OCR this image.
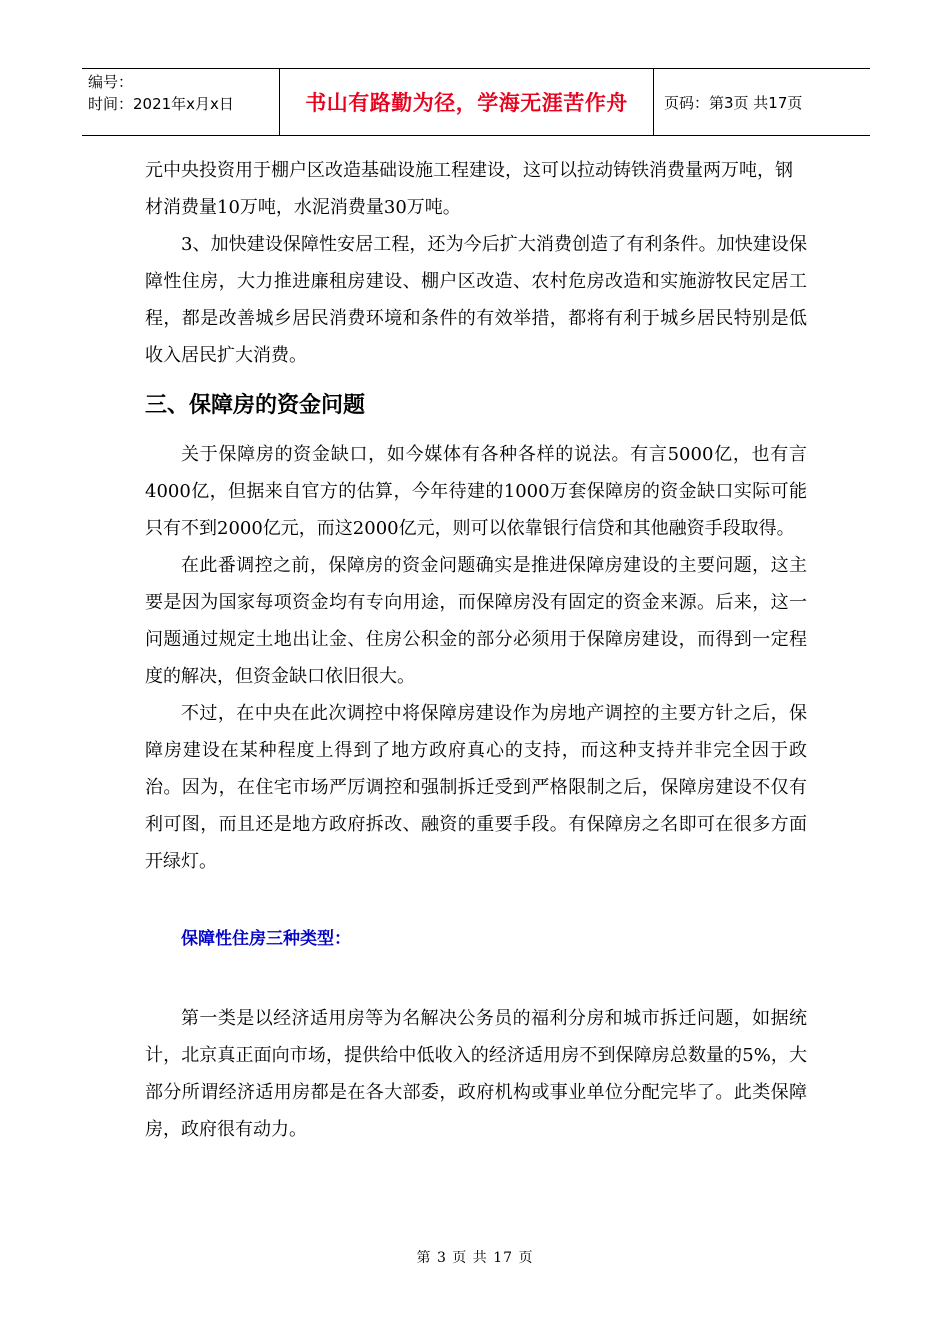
编号：
时间：2021年x月x日	书山有路勤为径，学海无涯苦作舟	页码：第3页 共17页

元中央投资用于棚户区改造基础设施工程建设，这可以拉动铸铁消费量两万吨，钢材消费量10万吨，水泥消费量30万吨。

3、加快建设保障性安居工程，还为今后扩大消费创造了有利条件。加快建设保障性住房，大力推进廉租房建设、棚户区改造、农村危房改造和实施游牧民定居工程，都是改善城乡居民消费环境和条件的有效举措，都将有利于城乡居民特别是低收入居民扩大消费。

三、保障房的资金问题

关于保障房的资金缺口，如今媒体有各种各样的说法。有言5000亿，也有言4000亿，但据来自官方的估算，今年待建的1000万套保障房的资金缺口实际可能只有不到2000亿元，而这2000亿元，则可以依靠银行信贷和其他融资手段取得。

在此番调控之前，保障房的资金问题确实是推进保障房建设的主要问题，这主要是因为国家每项资金均有专向用途，而保障房没有固定的资金来源。后来，这一问题通过规定土地出让金、住房公积金的部分必须用于保障房建设，而得到一定程度的解决，但资金缺口依旧很大。

不过，在中央在此次调控中将保障房建设作为房地产调控的主要方针之后，保障房建设在某种程度上得到了地方政府真心的支持，而这种支持并非完全因于政治。因为，在住宅市场严厉调控和强制拆迁受到严格限制之后，保障房建设不仅有利可图，而且还是地方政府拆改、融资的重要手段。有保障房之名即可在很多方面开绿灯。

保障性住房三种类型：

第一类是以经济适用房等为名解决公务员的福利分房和城市拆迁问题，如据统计，北京真正面向市场，提供给中低收入的经济适用房不到保障房总数量的5%，大部分所谓经济适用房都是在各大部委，政府机构或事业单位分配完毕了。此类保障房，政府很有动力。

第 3 页 共 17 页
